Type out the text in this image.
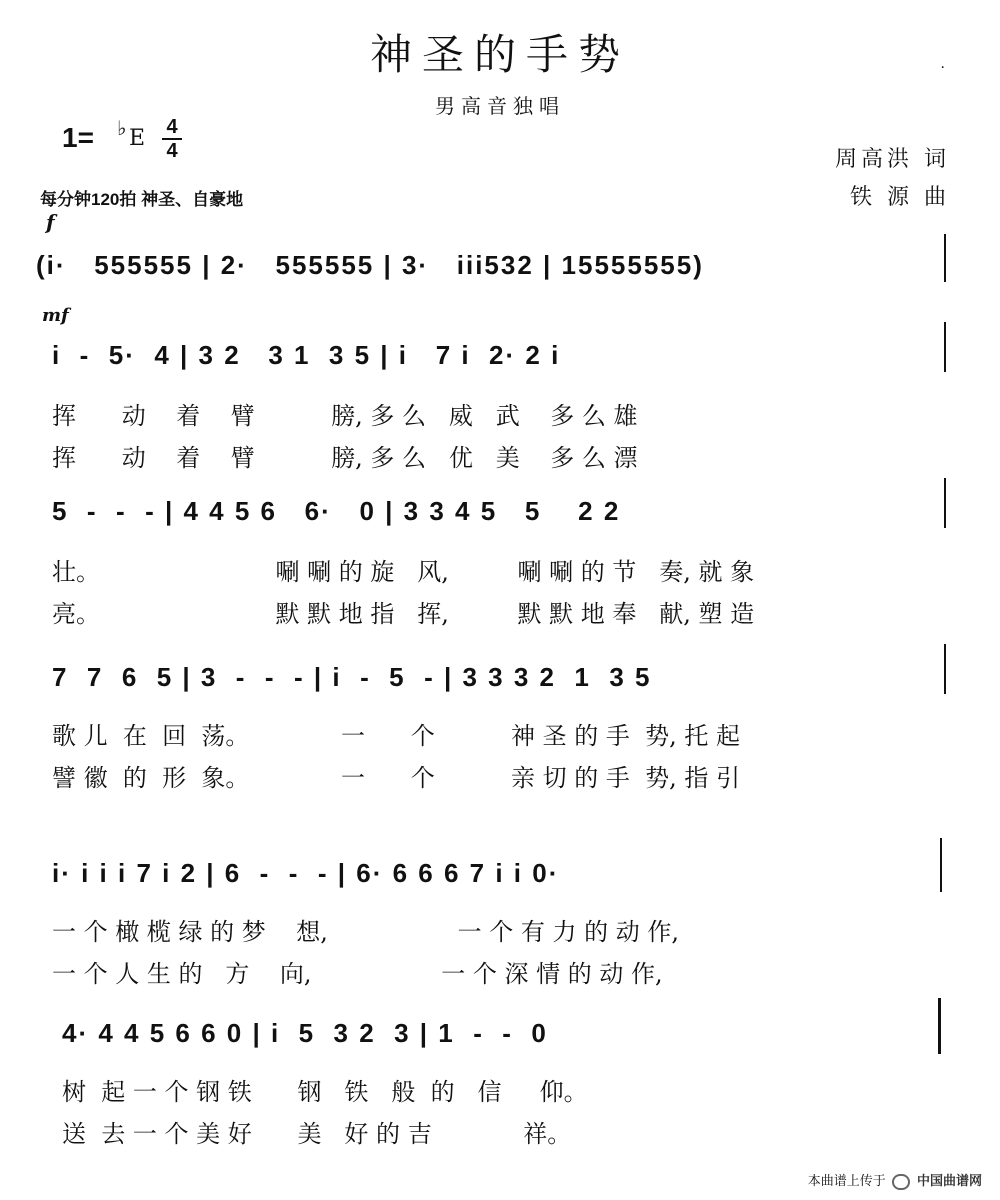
神圣的手势
男高音独唱
·
1= ♭ E 4
4
每分钟120拍 神圣、自豪地
周高洪 词
铁 源 曲
f
mf
(i·   555555 | 2·   555555 | 3·   iii532 | 15555555)
i  -  5·  4 | 3 2   3 1  3 5 | i   7 i  2· 2 i
挥      动    着    臂          膀, 多 么   威   武    多 么 雄
挥      动    着    臂          膀, 多 么   优   美    多 么 漂
5  -  -  - | 4 4 5 6   6·   0 | 3 3 4 5   5    2 2
壮。                       唰 唰 的 旋   风,         唰 唰 的 节   奏, 就 象
亮。                       默 默 地 指   挥,         默 默 地 奉   献, 塑 造
7  7  6  5 | 3  -  -  - | i  -  5  - | 3 3 3 2  1  3 5
歌 儿  在  回  荡。            一      个          神 圣 的 手  势, 托 起
譬 徽  的  形  象。            一      个          亲 切 的 手  势, 指 引
i· i i i 7 i 2 | 6  -  -  - | 6· 6 6 6 7 i i 0·
一 个 橄 榄 绿 的 梦    想,                 一 个 有 力 的 动 作,
一 个 人 生 的   方    向,                 一 个 深 情 的 动 作,
4· 4 4 5 6 6 0 | i  5  3 2  3 | 1  -  -  0
树  起 一 个 钢 铁      钢   铁   般  的   信     仰。
送  去 一 个 美 好      美   好 的 吉            祥。
本曲谱上传于 中国曲谱网
